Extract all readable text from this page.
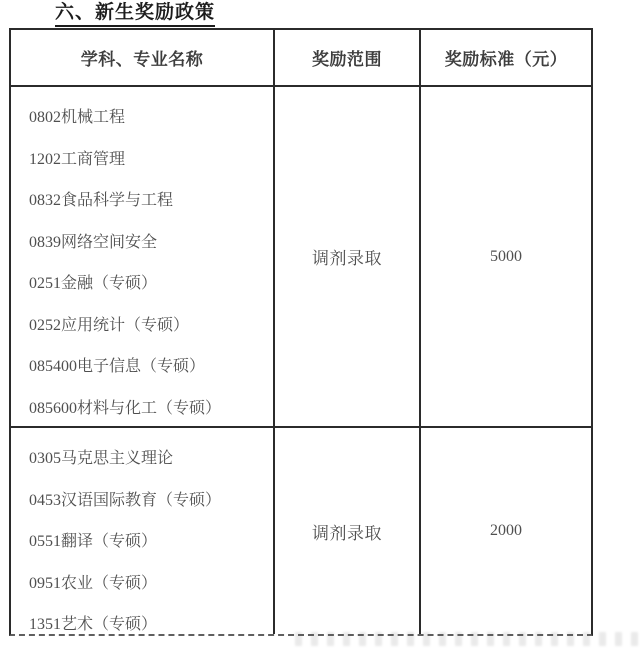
六、新生奖励政策
学科、专业名称	奖励范围	奖励标准（元）
0802机械工程
1202工商管理
0832食品科学与工程
0839网络空间安全
0251金融（专硕）
0252应用统计（专硕）
085400电子信息（专硕）
085600材料与化工（专硕）
调剂录取	5000
0305马克思主义理论
0453汉语国际教育（专硕）
0551翻译（专硕）
0951农业（专硕）
1351艺术（专硕）
调剂录取	2000
